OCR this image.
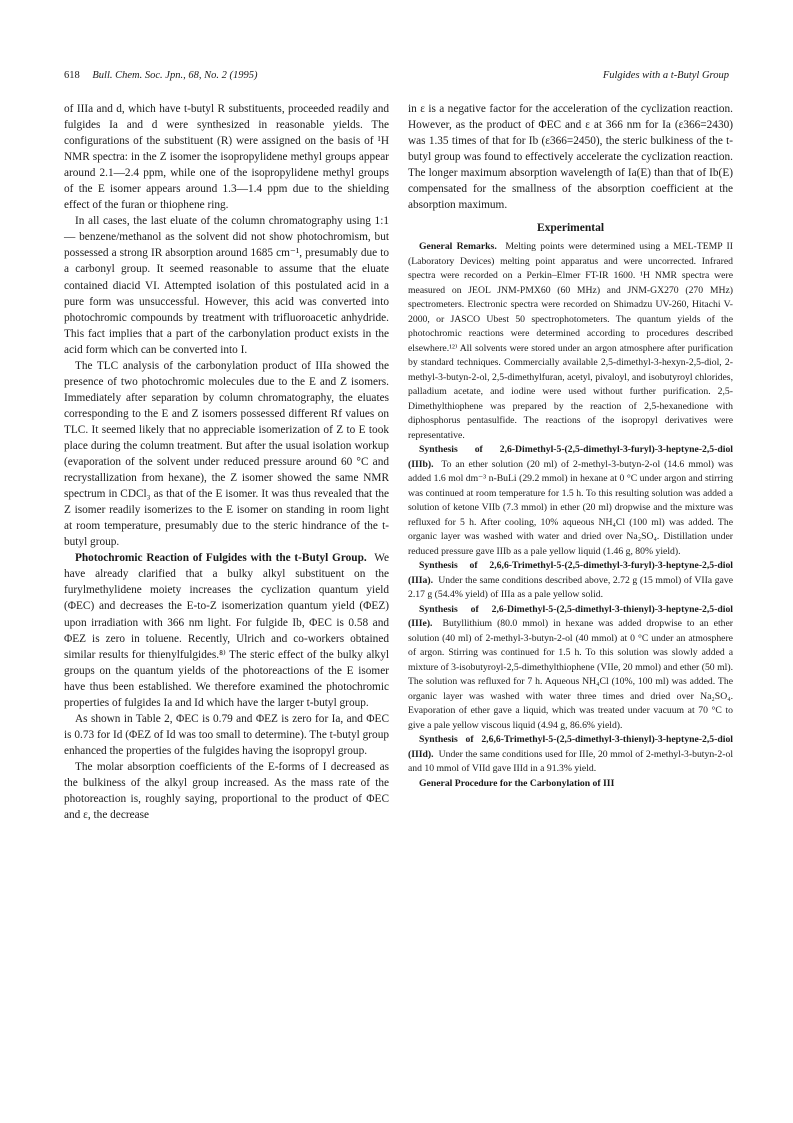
618 Bull. Chem. Soc. Jpn., 68, No. 2 (1995)	Fulgides with a t-Butyl Group

of IIIa and d, which have t-butyl R substituents, proceeded readily and fulgides Ia and d were synthesized in reasonable yields. The configurations of the substituent (R) were assigned on the basis of ¹H NMR spectra: in the Z isomer the isopropylidene methyl groups appear around 2.1—2.4 ppm, while one of the isopropylidene methyl groups of the E isomer appears around 1.3—1.4 ppm due to the shielding effect of the furan or thiophene ring.

In all cases, the last eluate of the column chromatography using 1:1 — benzene/methanol as the solvent did not show photochromism, but possessed a strong IR absorption around 1685 cm⁻¹, presumably due to a carbonyl group. It seemed reasonable to assume that the eluate contained diacid VI. Attempted isolation of this postulated acid in a pure form was unsuccessful. However, this acid was converted into photochromic compounds by treatment with trifluoroacetic anhydride. This fact implies that a part of the carbonylation product exists in the acid form which can be converted into I.

The TLC analysis of the carbonylation product of IIIa showed the presence of two photochromic molecules due to the E and Z isomers. Immediately after separation by column chromatography, the eluates corresponding to the E and Z isomers possessed different Rf values on TLC. It seemed likely that no appreciable isomerization of Z to E took place during the column treatment. But after the usual isolation workup (evaporation of the solvent under reduced pressure around 60 °C and recrystallization from hexane), the Z isomer showed the same NMR spectrum in CDCl₃ as that of the E isomer. It was thus revealed that the Z isomer readily isomerizes to the E isomer on standing in room light at room temperature, presumably due to the steric hindrance of the t-butyl group.

Photochromic Reaction of Fulgides with the t-Butyl Group. We have already clarified that a bulky alkyl substituent on the furylmethylidene moiety increases the cyclization quantum yield (ΦEC) and decreases the E-to-Z isomerization quantum yield (ΦEZ) upon irradiation with 366 nm light. For fulgide Ib, ΦEC is 0.58 and ΦEZ is zero in toluene. Recently, Ulrich and co-workers obtained similar results for thienylfulgides.⁸⁾ The steric effect of the bulky alkyl groups on the quantum yields of the photoreactions of the E isomer have thus been established. We therefore examined the photochromic properties of fulgides Ia and Id which have the larger t-butyl group.

As shown in Table 2, ΦEC is 0.79 and ΦEZ is zero for Ia, and ΦEC is 0.73 for Id (ΦEZ of Id was too small to determine). The t-butyl group enhanced the properties of the fulgides having the isopropyl group.

The molar absorption coefficients of the E-forms of I decreased as the bulkiness of the alkyl group increased. As the mass rate of the photoreaction is, roughly saying, proportional to the product of ΦEC and ε, the decrease

in ε is a negative factor for the acceleration of the cyclization reaction. However, as the product of ΦEC and ε at 366 nm for Ia (ε366=2430) was 1.35 times of that for Ib (ε366=2450), the steric bulkiness of the t-butyl group was found to effectively accelerate the cyclization reaction. The longer maximum absorption wavelength of Ia(E) than that of Ib(E) compensated for the smallness of the absorption coefficient at the absorption maximum.

Experimental

General Remarks. Melting points were determined using a MEL-TEMP II (Laboratory Devices) melting point apparatus and were uncorrected. Infrared spectra were recorded on a Perkin–Elmer FT-IR 1600. ¹H NMR spectra were measured on JEOL JNM-PMX60 (60 MHz) and JNM-GX270 (270 MHz) spectrometers. Electronic spectra were recorded on Shimadzu UV-260, Hitachi V-2000, or JASCO Ubest 50 spectrophotometers. The quantum yields of the photochromic reactions were determined according to procedures described elsewhere.¹²⁾ All solvents were stored under an argon atmosphere after purification by standard techniques. Commercially available 2,5-dimethyl-3-hexyn-2,5-diol, 2-methyl-3-butyn-2-ol, 2,5-dimethylfuran, acetyl, pivaloyl, and isobutyroyl chlorides, palladium acetate, and iodine were used without further purification. 2,5-Dimethylthiophene was prepared by the reaction of 2,5-hexanedione with diphosphorus pentasulfide. The reactions of the isopropyl derivatives were representative.

Synthesis of 2,6-Dimethyl-5-(2,5-dimethyl-3-furyl)-3-heptyne-2,5-diol (IIIb). To an ether solution (20 ml) of 2-methyl-3-butyn-2-ol (14.6 mmol) was added 1.6 mol dm⁻³ n-BuLi (29.2 mmol) in hexane at 0 °C under argon and stirring was continued at room temperature for 1.5 h. To this resulting solution was added a solution of ketone VIIb (7.3 mmol) in ether (20 ml) dropwise and the mixture was refluxed for 5 h. After cooling, 10% aqueous NH₄Cl (100 ml) was added. The organic layer was washed with water and dried over Na₂SO₄. Distillation under reduced pressure gave IIIb as a pale yellow liquid (1.46 g, 80% yield).

Synthesis of 2,6,6-Trimethyl-5-(2,5-dimethyl-3-furyl)-3-heptyne-2,5-diol (IIIa). Under the same conditions described above, 2.72 g (15 mmol) of VIIa gave 2.17 g (54.4% yield) of IIIa as a pale yellow solid.

Synthesis of 2,6-Dimethyl-5-(2,5-dimethyl-3-thienyl)-3-heptyne-2,5-diol (IIIe). Butyllithium (80.0 mmol) in hexane was added dropwise to an ether solution (40 ml) of 2-methyl-3-butyn-2-ol (40 mmol) at 0 °C under an atmosphere of argon. Stirring was continued for 1.5 h. To this solution was slowly added a mixture of 3-isobutyroyl-2,5-dimethylthiophene (VIIe, 20 mmol) and ether (50 ml). The solution was refluxed for 7 h. Aqueous NH₄Cl (10%, 100 ml) was added. The organic layer was washed with water three times and dried over Na₂SO₄. Evaporation of ether gave a liquid, which was treated under vacuum at 70 °C to give a pale yellow viscous liquid (4.94 g, 86.6% yield).

Synthesis of 2,6,6-Trimethyl-5-(2,5-dimethyl-3-thienyl)-3-heptyne-2,5-diol (IIId). Under the same conditions used for IIIe, 20 mmol of 2-methyl-3-butyn-2-ol and 10 mmol of VIId gave IIId in a 91.3% yield.

General Procedure for the Carbonylation of III
